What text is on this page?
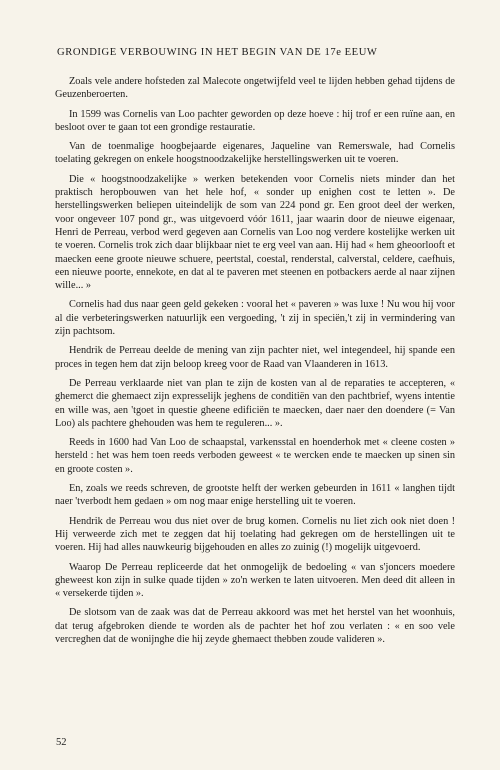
GRONDIGE VERBOUWING IN HET BEGIN VAN DE 17e EEUW

Zoals vele andere hofsteden zal Malecote ongetwijfeld veel te lijden hebben gehad tijdens de Geuzenberoerten.

In 1599 was Cornelis van Loo pachter geworden op deze hoeve : hij trof er een ruïne aan, en besloot over te gaan tot een grondige restauratie.

Van de toenmalige hoogbejaarde eigenares, Jaqueline van Remerswale, had Cornelis toelating gekregen on enkele hoogstnoodzakelijke herstellingswerken uit te voeren.

Die « hoogstnoodzakelijke » werken betekenden voor Cornelis niets minder dan het praktisch heropbouwen van het hele hof, « sonder up enighen cost te letten ». De herstellingswerken beliepen uiteindelijk de som van 224 pond gr. Een groot deel der werken, voor ongeveer 107 pond gr., was uitgevoerd vóór 1611, jaar waarin door de nieuwe eigenaar, Henri de Perreau, verbod werd gegeven aan Cornelis van Loo nog verdere kostelijke werken uit te voeren. Cornelis trok zich daar blijkbaar niet te erg veel van aan. Hij had « hem gheoorlooft et maecken eene groote nieuwe schuere, peertstal, coestal, renderstal, calverstal, celdere, caefhuis, een nieuwe poorte, ennekote, en dat al te paveren met steenen en potbackers aerde al naar zijnen wille... »

Cornelis had dus naar geen geld gekeken : vooral het « paveren » was luxe ! Nu wou hij voor al die verbeteringswerken natuurlijk een vergoeding, 't zij in speciën,'t zij in vermindering van zijn pachtsom.

Hendrik de Perreau deelde de mening van zijn pachter niet, wel integendeel, hij spande een proces in tegen hem dat zijn beloop kreeg voor de Raad van Vlaanderen in 1613.

De Perreau verklaarde niet van plan te zijn de kosten van al de reparaties te accepteren, « ghemerct die ghemaect zijn expresselijk jeghens de conditiën van den pachtbrief, wyens intentie en wille was, aen 'tgoet in questie gheene edificiën te maecken, daer naer den doendere (= Van Loo) als pachtere ghehouden was hem te reguleren... ».

Reeds in 1600 had Van Loo de schaapstal, varkensstal en hoenderhok met « cleene costen » hersteld : het was hem toen reeds verboden geweest « te wercken ende te maecken up sinen sin en groote costen ».

En, zoals we reeds schreven, de grootste helft der werken gebeurden in 1611 « langhen tijdt naer 'tverbodt hem gedaen » om nog maar enige herstelling uit te voeren.

Hendrik de Perreau wou dus niet over de brug komen. Cornelis nu liet zich ook niet doen ! Hij verweerde zich met te zeggen dat hij toelating had gekregen om de herstellingen uit te voeren. Hij had alles nauwkeurig bijgehouden en alles zo zuinig (!) mogelijk uitgevoerd.

Waarop De Perreau repliceerde dat het onmogelijk de bedoeling « van s'joncers moedere gheweest kon zijn in sulke quade tijden » zo'n werken te laten uitvoeren. Men deed dit alleen in « versekerde tijden ».

De slotsom van de zaak was dat de Perreau akkoord was met het herstel van het woonhuis, dat terug afgebroken diende te worden als de pachter het hof zou verlaten : « en soo vele vercreghen dat de wonijnghe die hij zeyde ghemaect thebben zoude valideren ».

52
